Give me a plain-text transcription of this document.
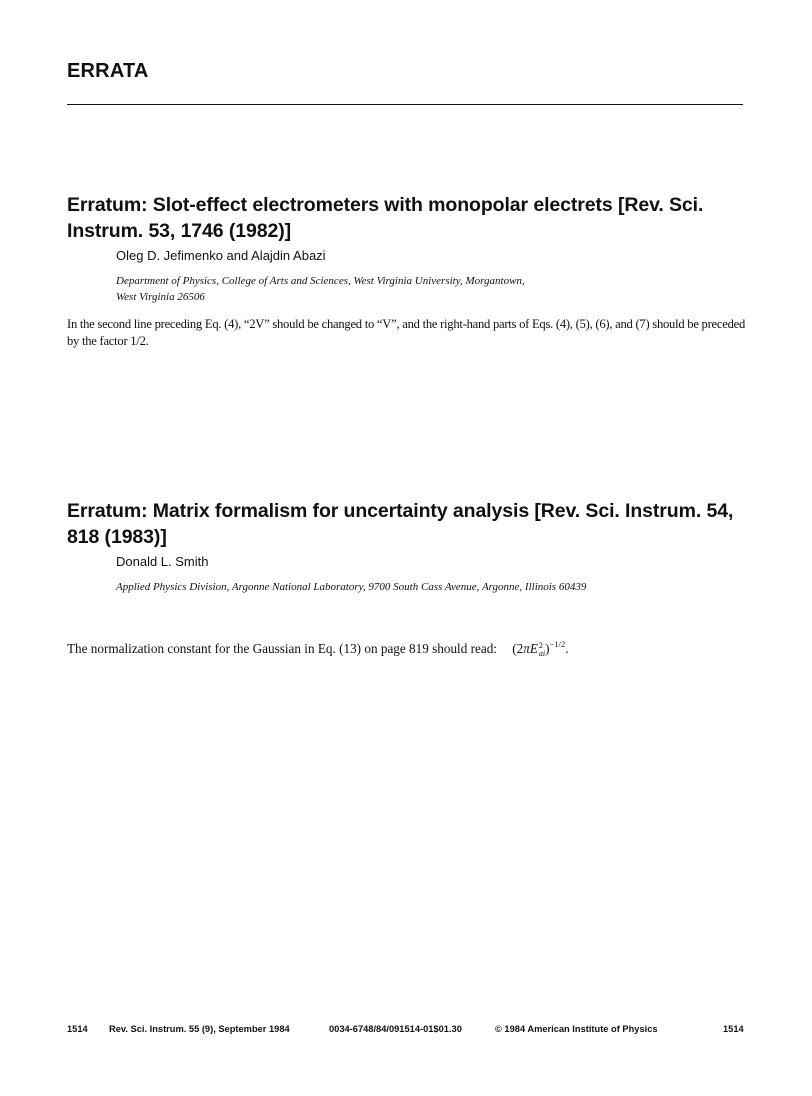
ERRATA
Erratum: Slot-effect electrometers with monopolar electrets [Rev. Sci. Instrum. 53, 1746 (1982)]

Oleg D. Jefimenko and Alajdin Abazi

Department of Physics, College of Arts and Sciences, West Virginia University, Morgantown,
West Virginia 26506

In the second line preceding Eq. (4), “2V” should be changed to “V”, and the right-hand parts of Eqs. (4), (5), (6), and (7) should be preceded by the factor 1/2.

Erratum: Matrix formalism for uncertainty analysis [Rev. Sci. Instrum. 54, 818 (1983)]

Donald L. Smith

Applied Physics Division, Argonne National Laboratory, 9700 South Cass Avenue, Argonne, Illinois 60439

The normalization constant for the Gaussian in Eq. (13) on page 819 should read: (2πE 2
ai )$^{-1/2}$.

1514 Rev. Sci. Instrum. 55 (9), September 1984	0034-6748/84/091514-01$01.30	© 1984 American Institute of Physics	1514
